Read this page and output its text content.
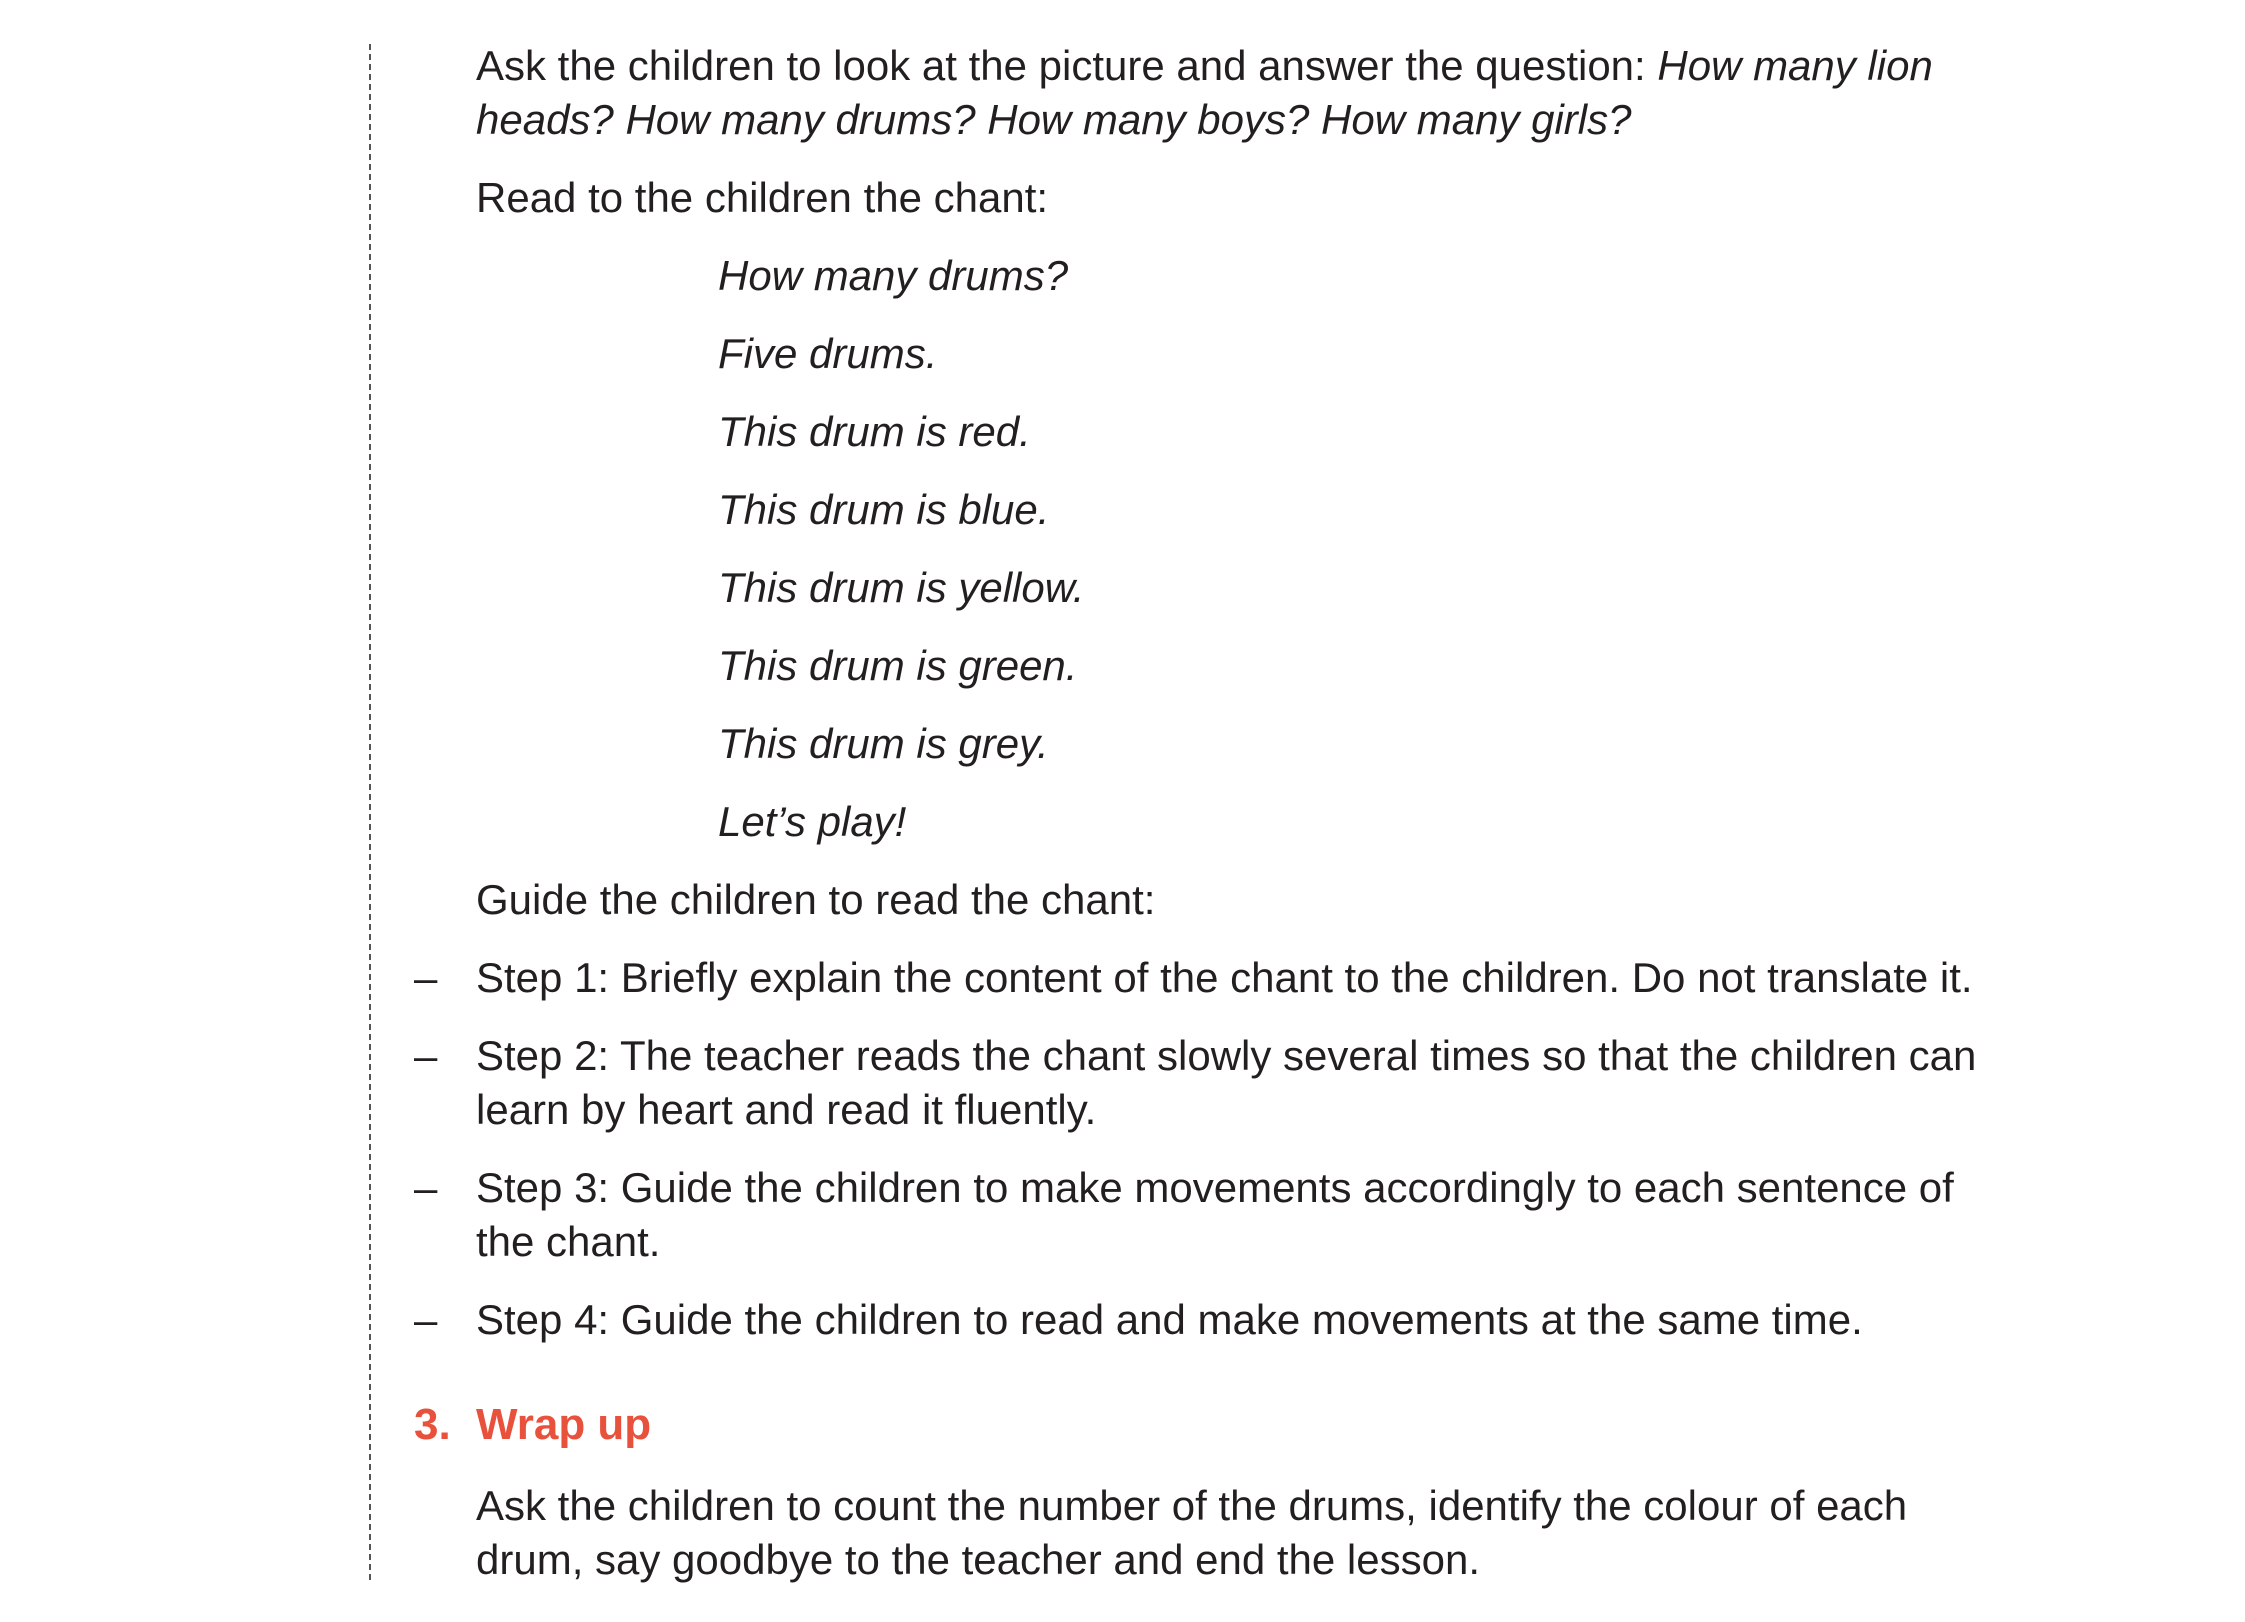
Ask the children to look at the picture and answer the question: How many lion
heads? How many drums? How many boys? How many girls?
Read to the children the chant:
How many drums?
Five drums.
This drum is red.
This drum is blue.
This drum is yellow.
This drum is green.
This drum is grey.
Let’s play!
Guide the children to read the chant:
– Step 1: Briefly explain the content of the chant to the children. Do not translate it.
– Step 2: The teacher reads the chant slowly several times so that the children can
learn by heart and read it fluently.
– Step 3: Guide the children to make movements accordingly to each sentence of
the chant.
– Step 4: Guide the children to read and make movements at the same time.
3. Wrap up
Ask the children to count the number of the drums, identify the colour of each
drum, say goodbye to the teacher and end the lesson.
